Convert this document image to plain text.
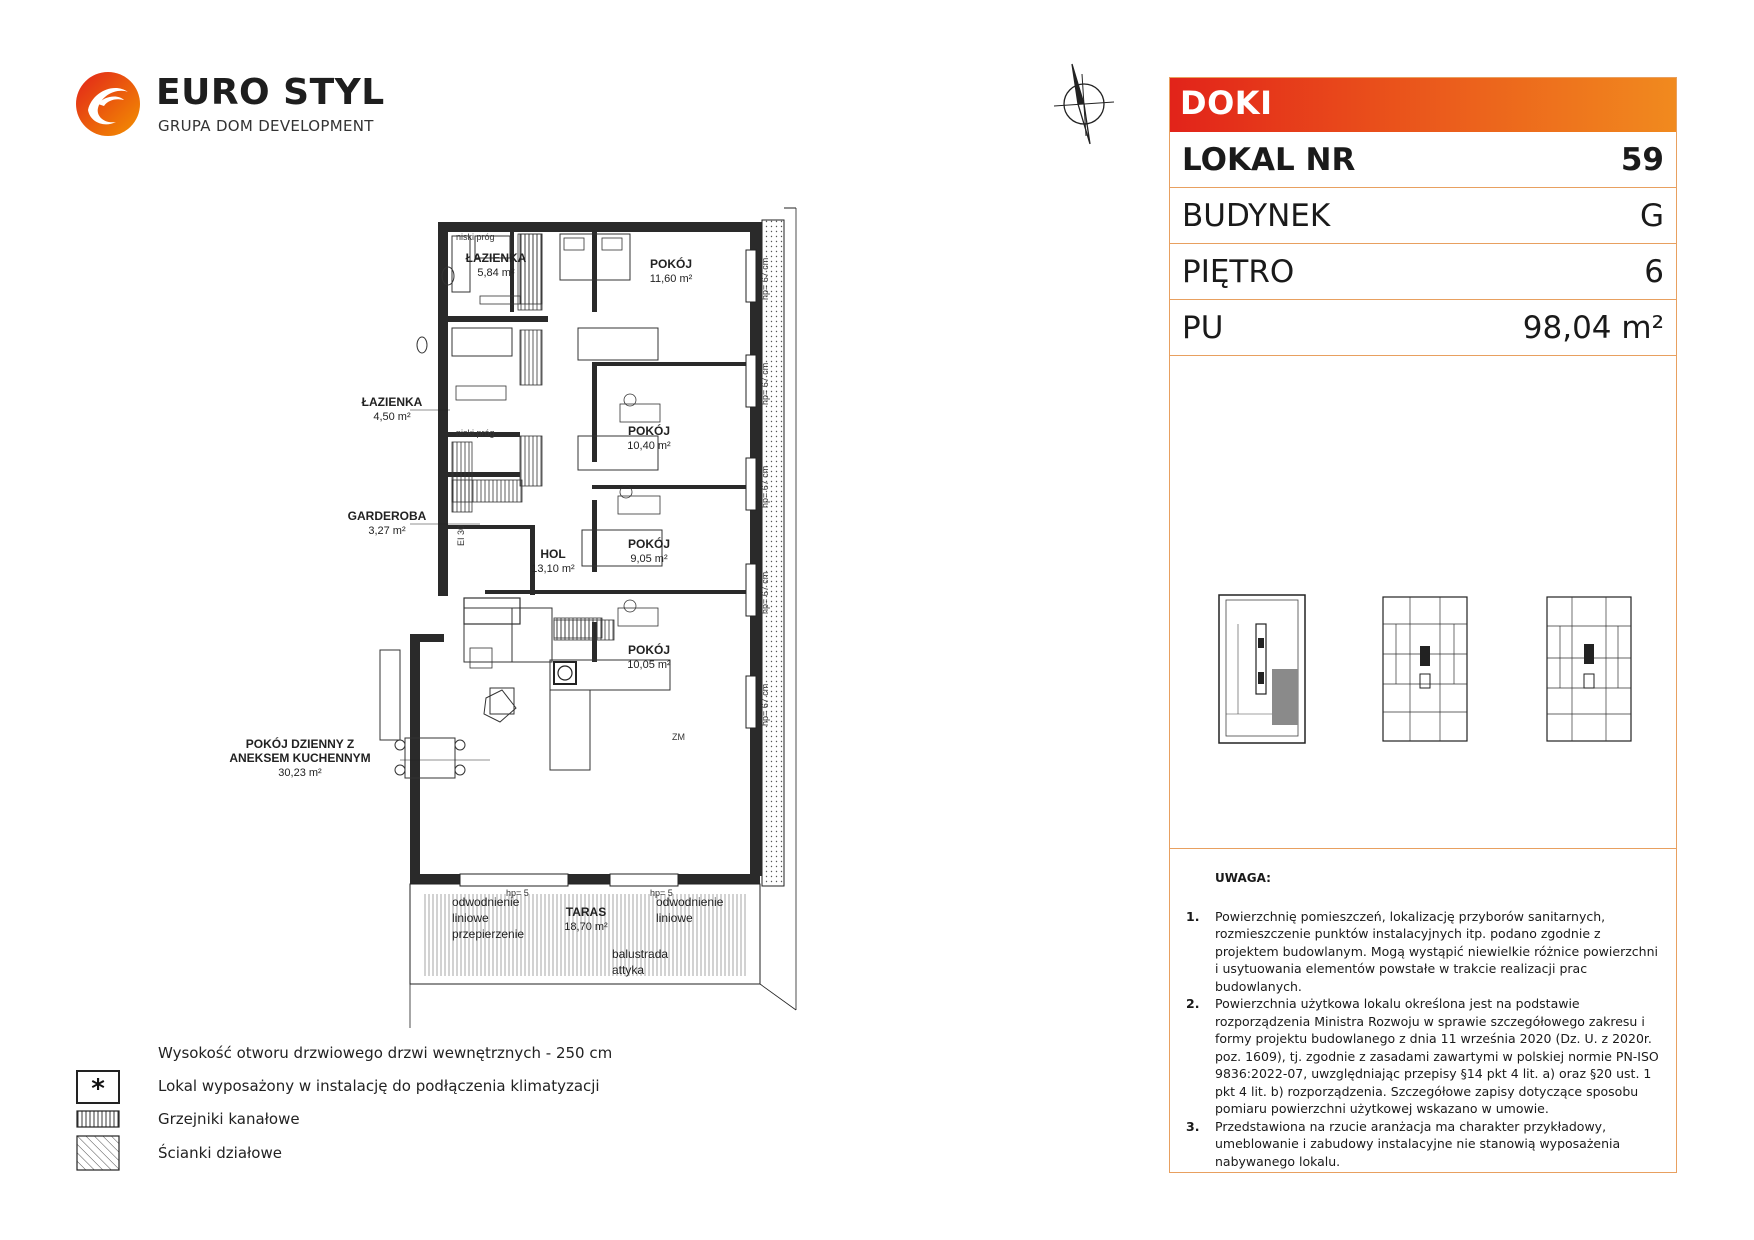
EURO STYL
GRUPA DOM DEVELOPMENT
ŁAZIENKA
5,84 m²
POKÓJ
11,60 m²
ŁAZIENKA
4,50 m²
POKÓJ
10,40 m²
GARDEROBA
3,27 m²
HOL
13,10 m²
POKÓJ
9,05 m²
POKÓJ
10,05 m²
POKÓJ DZIENNY Z
ANEKSEM KUCHENNYM
30,23 m²
TARAS
18,70 m²
niski próg
niski próg
hp= 5	hp= 5
hp= 67 cm
hp= 67 cm
hp= 67 cm
hp= 67 cm
hp= 67 cm
odwodnienie
liniowe
przepierzenie
odwodnienie
liniowe
balustrada
attyka
EI 30
ZM
DOKI
LOKAL NR	59
BUDYNEK	G
PIĘTRO	6
PU	98,04 m²
UWAGA:
1.	Powierzchnię pomieszczeń, lokalizację przyborów sanitarnych, rozmieszczenie punktów instalacyjnych itp. podano zgodnie z projektem budowlanym. Mogą wystąpić niewielkie różnice powierzchni i usytuowania elementów powstałe w trakcie realizacji prac budowlanych.
2.	Powierzchnia użytkowa lokalu określona jest na podstawie rozporządzenia Ministra Rozwoju w sprawie szczegółowego zakresu i formy projektu budowlanego z dnia 11 września 2020 (Dz. U. z 2020r. poz. 1609), tj. zgodnie z zasadami zawartymi w polskiej normie PN-ISO 9836:2022-07, uwzględniając przepisy §14 pkt 4 lit. a) oraz §20 ust. 1 pkt 4 lit. b) rozporządzenia. Szczegółowe zapisy dotyczące sposobu pomiaru powierzchni użytkowej wskazano w umowie.
3.	Przedstawiona na rzucie aranżacja ma charakter przykładowy, umeblowanie i zabudowy instalacyjne nie stanowią wyposażenia nabywanego lokalu.
Wysokość otworu drzwiowego drzwi wewnętrznych - 250 cm
*	Lokal wyposażony w instalację do podłączenia klimatyzacji
Grzejniki kanałowe
Ścianki działowe
